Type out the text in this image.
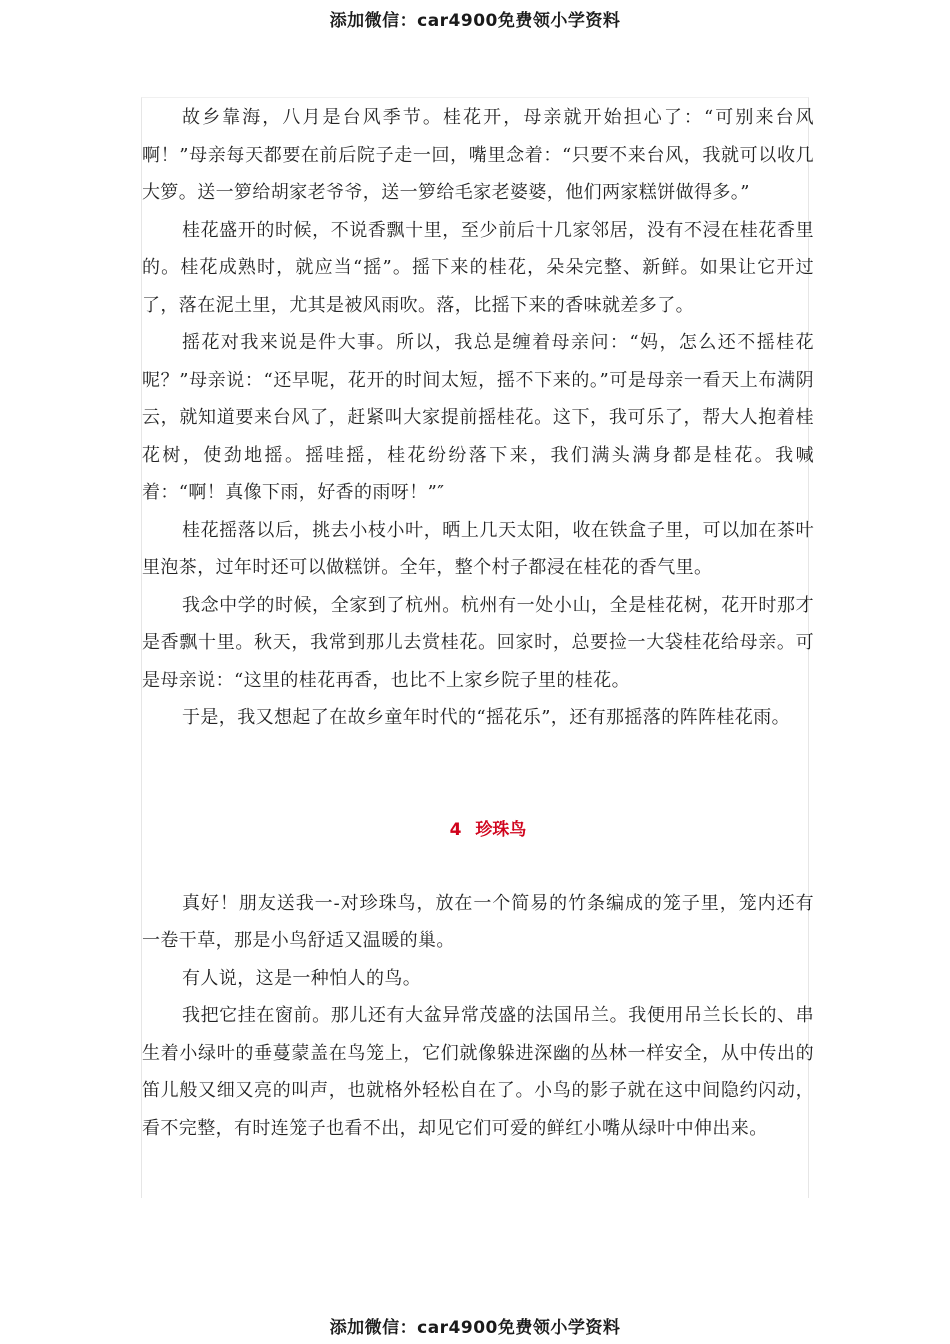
添加微信：car4900免费领小学资料

故乡靠海，八月是台风季节。桂花开，母亲就开始担心了：“可别来台风啊！”母亲每天都要在前后院子走一回，嘴里念着：“只要不来台风，我就可以收几大箩。送一箩给胡家老爷爷，送一箩给毛家老婆婆，他们两家糕饼做得多。”

桂花盛开的时候，不说香飘十里，至少前后十几家邻居，没有不浸在桂花香里的。桂花成熟时，就应当“摇”。摇下来的桂花，朵朵完整、新鲜。如果让它开过了，落在泥土里，尤其是被风雨吹。落，比摇下来的香味就差多了。

摇花对我来说是件大事。所以，我总是缠着母亲问：“妈，怎么还不摇桂花呢？”母亲说：“还早呢，花开的时间太短，摇不下来的。”可是母亲一看天上布满阴云，就知道要来台风了，赶紧叫大家提前摇桂花。这下，我可乐了，帮大人抱着桂花树，使劲地摇。摇哇摇，桂花纷纷落下来，我们满头满身都是桂花。我喊着：“啊！真像下雨，好香的雨呀！”″

桂花摇落以后，挑去小枝小叶，晒上几天太阳，收在铁盒子里，可以加在茶叶里泡茶，过年时还可以做糕饼。全年，整个村子都浸在桂花的香气里。

我念中学的时候，全家到了杭州。杭州有一处小山，全是桂花树，花开时那才是香飘十里。秋天，我常到那儿去赏桂花。回家时，总要捡一大袋桂花给母亲。可是母亲说：“这里的桂花再香，也比不上家乡院子里的桂花。

于是，我又想起了在故乡童年时代的“摇花乐”，还有那摇落的阵阵桂花雨。

4 珍珠鸟

真好！朋友送我一-对珍珠鸟，放在一个简易的竹条编成的笼子里，笼内还有一卷干草，那是小鸟舒适又温暖的巢。

有人说，这是一种怕人的鸟。

我把它挂在窗前。那儿还有大盆异常茂盛的法国吊兰。我便用吊兰长长的、串生着小绿叶的垂蔓蒙盖在鸟笼上，它们就像躲进深幽的丛林一样安全，从中传出的笛儿般又细又亮的叫声，也就格外轻松自在了。小鸟的影子就在这中间隐约闪动，看不完整，有时连笼子也看不出，却见它们可爱的鲜红小嘴从绿叶中伸出来。

添加微信：car4900免费领小学资料
